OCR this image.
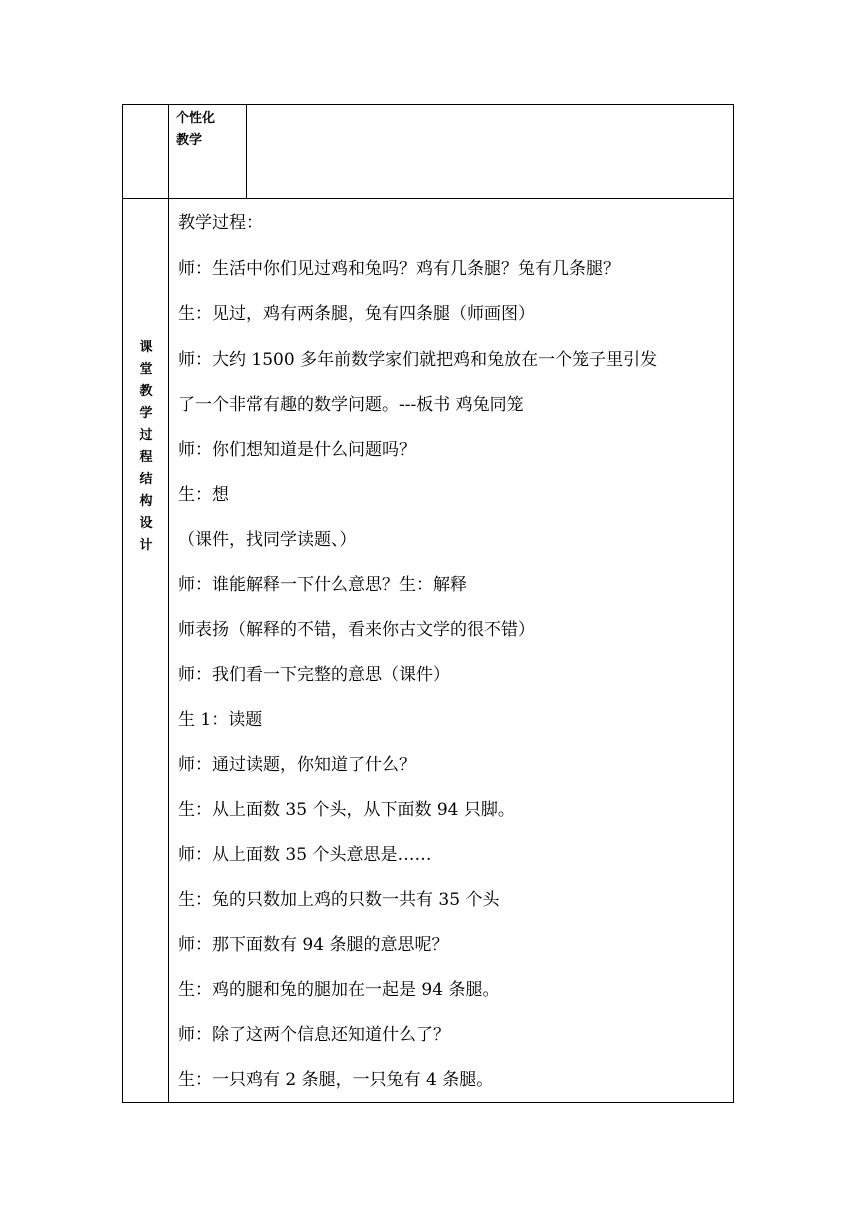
个性化
教学
课
堂
教
学
过
程
结
构
设
计
教学过程：
师：生活中你们见过鸡和兔吗？鸡有几条腿？兔有几条腿？
生：见过，鸡有两条腿，兔有四条腿（师画图）
师：大约 1500 多年前数学家们就把鸡和兔放在一个笼子里引发
了一个非常有趣的数学问题。---板书 鸡兔同笼
师：你们想知道是什么问题吗？
生：想
（课件，找同学读题、）
师：谁能解释一下什么意思？生：解释
师表扬（解释的不错，看来你古文学的很不错）
师：我们看一下完整的意思（课件）
生 1：读题
师：通过读题，你知道了什么？
生：从上面数 35 个头，从下面数 94 只脚。
师：从上面数 35 个头意思是……
生：兔的只数加上鸡的只数一共有 35 个头
师：那下面数有 94 条腿的意思呢？
生：鸡的腿和兔的腿加在一起是 94 条腿。
师：除了这两个信息还知道什么了？
生：一只鸡有 2 条腿，一只兔有 4 条腿。
